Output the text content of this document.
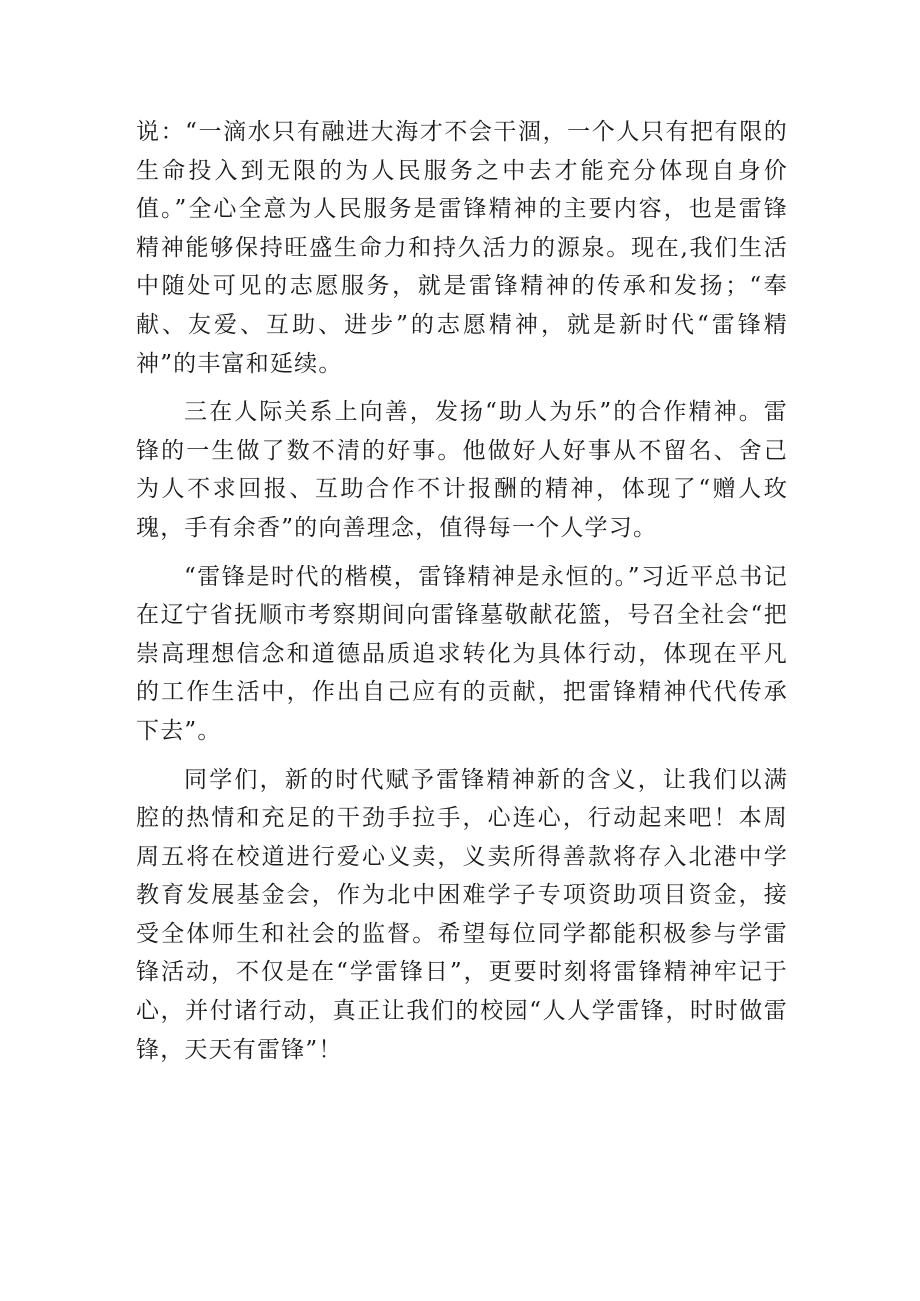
说：“一滴水只有融进大海才不会干涸，一个人只有把有限的生命投入到无限的为人民服务之中去才能充分体现自身价值。”全心全意为人民服务是雷锋精神的主要内容，也是雷锋精神能够保持旺盛生命力和持久活力的源泉。现在,我们生活中随处可见的志愿服务，就是雷锋精神的传承和发扬；“奉献、友爱、互助、进步”的志愿精神，就是新时代“雷锋精神”的丰富和延续。

三在人际关系上向善，发扬“助人为乐”的合作精神。雷锋的一生做了数不清的好事。他做好人好事从不留名、舍己为人不求回报、互助合作不计报酬的精神，体现了“赠人玫瑰，手有余香”的向善理念，值得每一个人学习。

“雷锋是时代的楷模，雷锋精神是永恒的。”习近平总书记在辽宁省抚顺市考察期间向雷锋墓敬献花篮，号召全社会“把崇高理想信念和道德品质追求转化为具体行动，体现在平凡的工作生活中，作出自己应有的贡献，把雷锋精神代代传承下去”。

同学们，新的时代赋予雷锋精神新的含义，让我们以满腔的热情和充足的干劲手拉手，心连心，行动起来吧！本周周五将在校道进行爱心义卖，义卖所得善款将存入北港中学教育发展基金会，作为北中困难学子专项资助项目资金，接受全体师生和社会的监督。希望每位同学都能积极参与学雷锋活动，不仅是在“学雷锋日”，更要时刻将雷锋精神牢记于心，并付诸行动，真正让我们的校园“人人学雷锋，时时做雷锋，天天有雷锋”！
